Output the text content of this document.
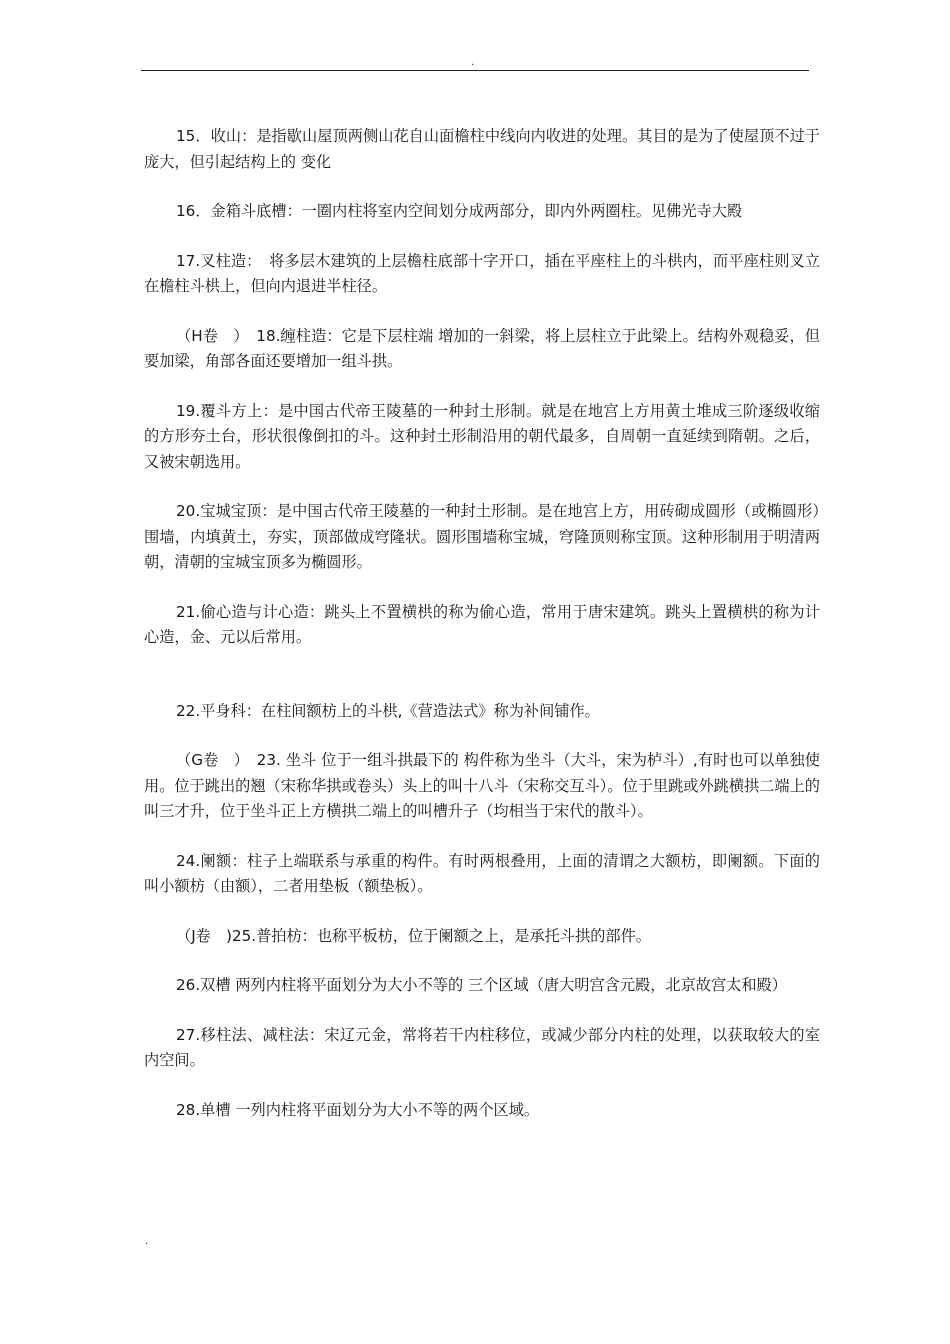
.

15．收山：是指歇山屋顶两侧山花自山面檐柱中线向内收进的处理。其目的是为了使屋顶不过于庞大，但引起结构上的 变化

16．金箱斗底槽：一圈内柱将室内空间划分成两部分，即内外两圈柱。见佛光寺大殿

17.叉柱造：　将多层木建筑的上层檐柱底部十字开口，插在平座柱上的斗栱内，而平座柱则叉立在檐柱斗栱上，但向内退进半柱径。

（H卷　）　18.缠柱造：它是下层柱端 增加的一斜梁，将上层柱立于此梁上。结构外观稳妥，但要加梁，角部各面还要增加一组斗拱。

19.覆斗方上：是中国古代帝王陵墓的一种封土形制。就是在地宫上方用黄土堆成三阶逐级收缩的方形夯土台，形状很像倒扣的斗。这种封土形制沿用的朝代最多，自周朝一直延续到隋朝。之后，又被宋朝选用。

20.宝城宝顶：是中国古代帝王陵墓的一种封土形制。是在地宫上方，用砖砌成圆形（或椭圆形）围墙，内填黄土，夯实，顶部做成穹隆状。圆形围墙称宝城，穹隆顶则称宝顶。这种形制用于明清两朝，清朝的宝城宝顶多为椭圆形。

21.偷心造与计心造：跳头上不置横栱的称为偷心造，常用于唐宋建筑。跳头上置横栱的称为计心造，金、元以后常用。

22.平身科：在柱间额枋上的斗栱,《营造法式》称为补间铺作。

（G卷　）　23. 坐斗 位于一组斗拱最下的 构件称为坐斗（大斗，宋为栌斗）,有时也可以单独使用。位于跳出的翘（宋称华拱或卷头）头上的叫十八斗（宋称交互斗）。位于里跳或外跳横拱二端上的叫三才升，位于坐斗正上方横拱二端上的叫槽升子（均相当于宋代的散斗）。

24.阑额：柱子上端联系与承重的构件。有时两根叠用，上面的清谓之大额枋，即阑额。下面的叫小额枋（由额），二者用垫板（额垫板）。

（J卷　)25.普拍枋：也称平板枋，位于阑额之上，是承托斗拱的部件。

26.双槽 两列内柱将平面划分为大小不等的 三个区域（唐大明宫含元殿，北京故宫太和殿）

27.移柱法、减柱法：宋辽元金，常将若干内柱移位，或减少部分内柱的处理，以获取较大的室内空间。

28.单槽 一列内柱将平面划分为大小不等的两个区域。

.
